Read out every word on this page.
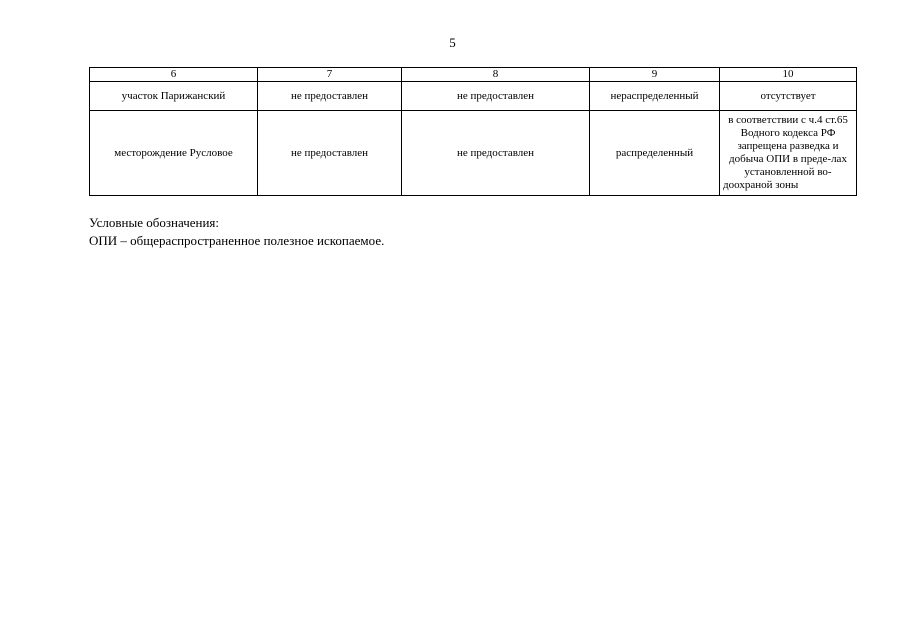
5
6	7	8	9	10
участок Парижанский	не предоставлен	не предоставлен	нераспределенный	отсутствует
месторождение Русловое	не предоставлен	не предоставлен	распределенный	в соответствии с ч.4 ст.65 Водного кодекса РФ запрещена разведка и добыча ОПИ в преде-лах установленной во-доохраной зоны
Условные обозначения:
ОПИ – общераспространенное полезное ископаемое.
